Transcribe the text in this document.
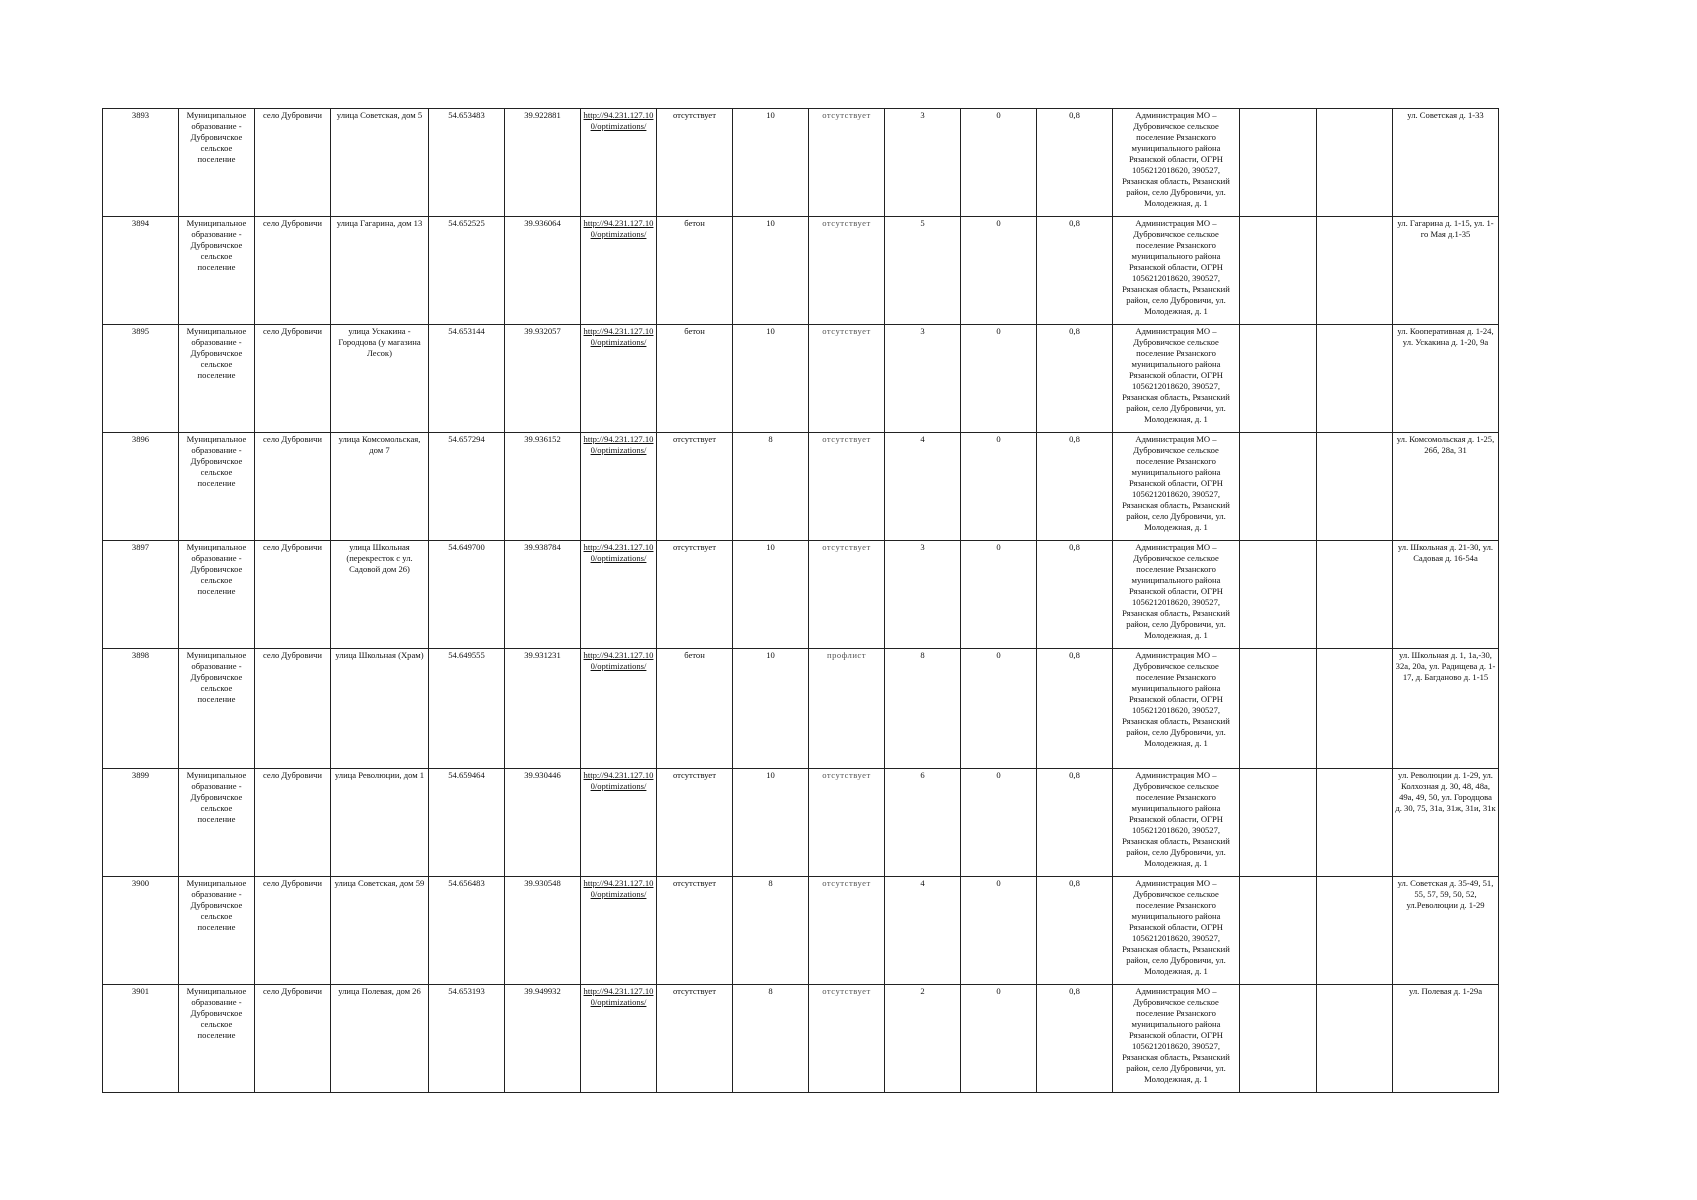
3893	Муниципальное образование - Дубровичское сельское поселение	село Дубровичи	улица Советская, дом 5	54.653483	39.922881	http://94.231.127.10 0/optimizations/	отсутствует	10	отсутствует	3	0	0,8	Администрация МО – Дубровичское сельское поселение Рязанского муниципального района Рязанской области, ОГРН 1056212018620, 390527, Рязанская область, Рязанский район, село Дубровичи, ул. Молодежная, д. 1			ул. Советская д. 1-33
3894	Муниципальное образование - Дубровичское сельское поселение	село Дубровичи	улица Гагарина, дом 13	54.652525	39.936064	http://94.231.127.10 0/optimizations/	бетон	10	отсутствует	5	0	0,8	Администрация МО – Дубровичское сельское поселение Рязанского муниципального района Рязанской области, ОГРН 1056212018620, 390527, Рязанская область, Рязанский район, село Дубровичи, ул. Молодежная, д. 1			ул. Гагарина д. 1-15, ул. 1-го Мая д.1-35
3895	Муниципальное образование - Дубровичское сельское поселение	село Дубровичи	улица Ускакина - Городцова (у магазина Лесок)	54.653144	39.932057	http://94.231.127.10 0/optimizations/	бетон	10	отсутствует	3	0	0,8	Администрация МО – Дубровичское сельское поселение Рязанского муниципального района Рязанской области, ОГРН 1056212018620, 390527, Рязанская область, Рязанский район, село Дубровичи, ул. Молодежная, д. 1			ул. Кооперативная д. 1-24, ул. Ускакина д. 1-20, 9а
3896	Муниципальное образование - Дубровичское сельское поселение	село Дубровичи	улица Комсомольская, дом 7	54.657294	39.936152	http://94.231.127.10 0/optimizations/	отсутствует	8	отсутствует	4	0	0,8	Администрация МО – Дубровичское сельское поселение Рязанского муниципального района Рязанской области, ОГРН 1056212018620, 390527, Рязанская область, Рязанский район, село Дубровичи, ул. Молодежная, д. 1			ул. Комсомольская д. 1-25, 26б, 28а, 31
3897	Муниципальное образование - Дубровичское сельское поселение	село Дубровичи	улица Школьная (перекресток с ул. Садовой дом 26)	54.649700	39.938784	http://94.231.127.10 0/optimizations/	отсутствует	10	отсутствует	3	0	0,8	Администрация МО – Дубровичское сельское поселение Рязанского муниципального района Рязанской области, ОГРН 1056212018620, 390527, Рязанская область, Рязанский район, село Дубровичи, ул. Молодежная, д. 1			ул. Школьная д. 21-30, ул. Садовая д. 16-54а
3898	Муниципальное образование - Дубровичское сельское поселение	село Дубровичи	улица Школьная (Храм)	54.649555	39.931231	http://94.231.127.10 0/optimizations/	бетон	10	профлист	8	0	0,8	Администрация МО – Дубровичское сельское поселение Рязанского муниципального района Рязанской области, ОГРН 1056212018620, 390527, Рязанская область, Рязанский район, село Дубровичи, ул. Молодежная, д. 1			ул. Школьная д. 1, 1а,-30, 32а, 20а, ул. Радищева д. 1-17, д. Багданово д. 1-15
3899	Муниципальное образование - Дубровичское сельское поселение	село Дубровичи	улица Революции, дом 1	54.659464	39.930446	http://94.231.127.10 0/optimizations/	отсутствует	10	отсутствует	6	0	0,8	Администрация МО – Дубровичское сельское поселение Рязанского муниципального района Рязанской области, ОГРН 1056212018620, 390527, Рязанская область, Рязанский район, село Дубровичи, ул. Молодежная, д. 1			ул. Революции д. 1-29, ул. Колхозная д. 30, 48, 48а, 49а, 49, 50, ул. Городцова д. 30, 75, 31а, 31ж, 31и, 31к
3900	Муниципальное образование - Дубровичское сельское поселение	село Дубровичи	улица Советская, дом 59	54.656483	39.930548	http://94.231.127.10 0/optimizations/	отсутствует	8	отсутствует	4	0	0,8	Администрация МО – Дубровичское сельское поселение Рязанского муниципального района Рязанской области, ОГРН 1056212018620, 390527, Рязанская область, Рязанский район, село Дубровичи, ул. Молодежная, д. 1			ул. Советская д. 35-49, 51, 55, 57, 59, 50, 52, ул.Революции д. 1-29
3901	Муниципальное образование - Дубровичское сельское поселение	село Дубровичи	улица Полевая, дом 26	54.653193	39.949932	http://94.231.127.10 0/optimizations/	отсутствует	8	отсутствует	2	0	0,8	Администрация МО – Дубровичское сельское поселение Рязанского муниципального района Рязанской области, ОГРН 1056212018620, 390527, Рязанская область, Рязанский район, село Дубровичи, ул. Молодежная, д. 1			ул. Полевая д. 1-29а
